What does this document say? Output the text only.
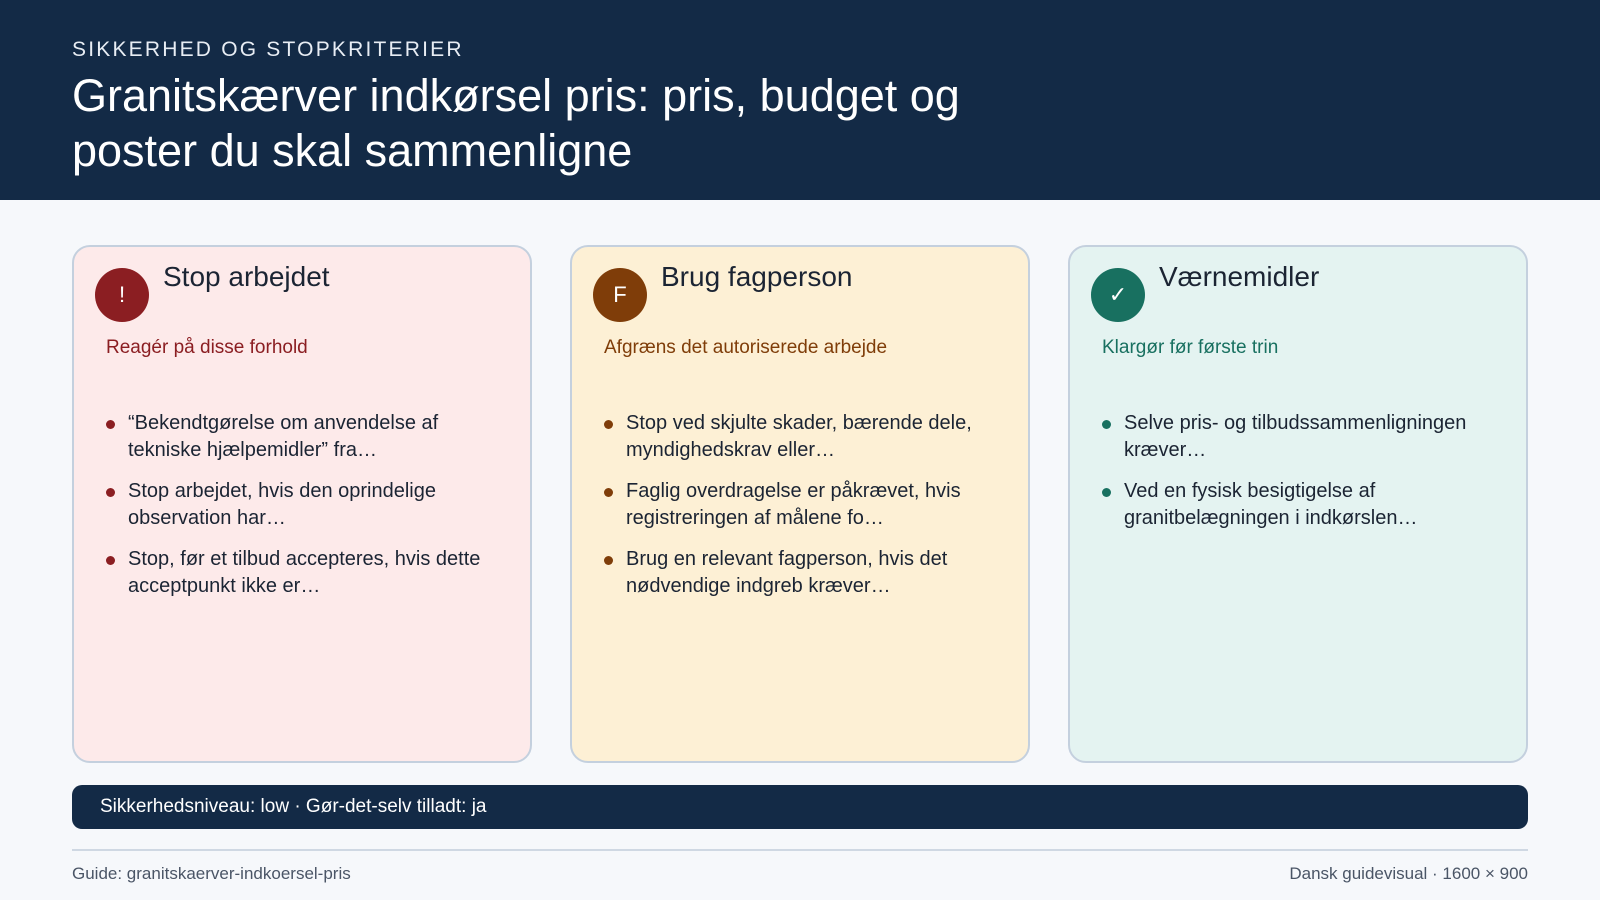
SIKKERHED OG STOPKRITERIER
Granitskærver indkørsel pris: pris, budget og poster du skal sammenligne
!
Stop arbejdet
Reagér på disse forhold
“Bekendtgørelse om anvendelse af tekniske hjælpemidler” fra…
Stop arbejdet, hvis den oprindelige observation har…
Stop, før et tilbud accepteres, hvis dette acceptpunkt ikke er…
F
Brug fagperson
Afgræns det autoriserede arbejde
Stop ved skjulte skader, bærende dele, myndighedskrav eller…
Faglig overdragelse er påkrævet, hvis registreringen af målene fo…
Brug en relevant fagperson, hvis det nødvendige indgreb kræver…
✓
Værnemidler
Klargør før første trin
Selve pris- og tilbudssammenligningen kræver…
Ved en fysisk besigtigelse af granitbelægningen i indkørslen…
Sikkerhedsniveau: low · Gør-det-selv tilladt: ja
Guide: granitskaerver-indkoersel-pris	Dansk guidevisual · 1600 × 900
